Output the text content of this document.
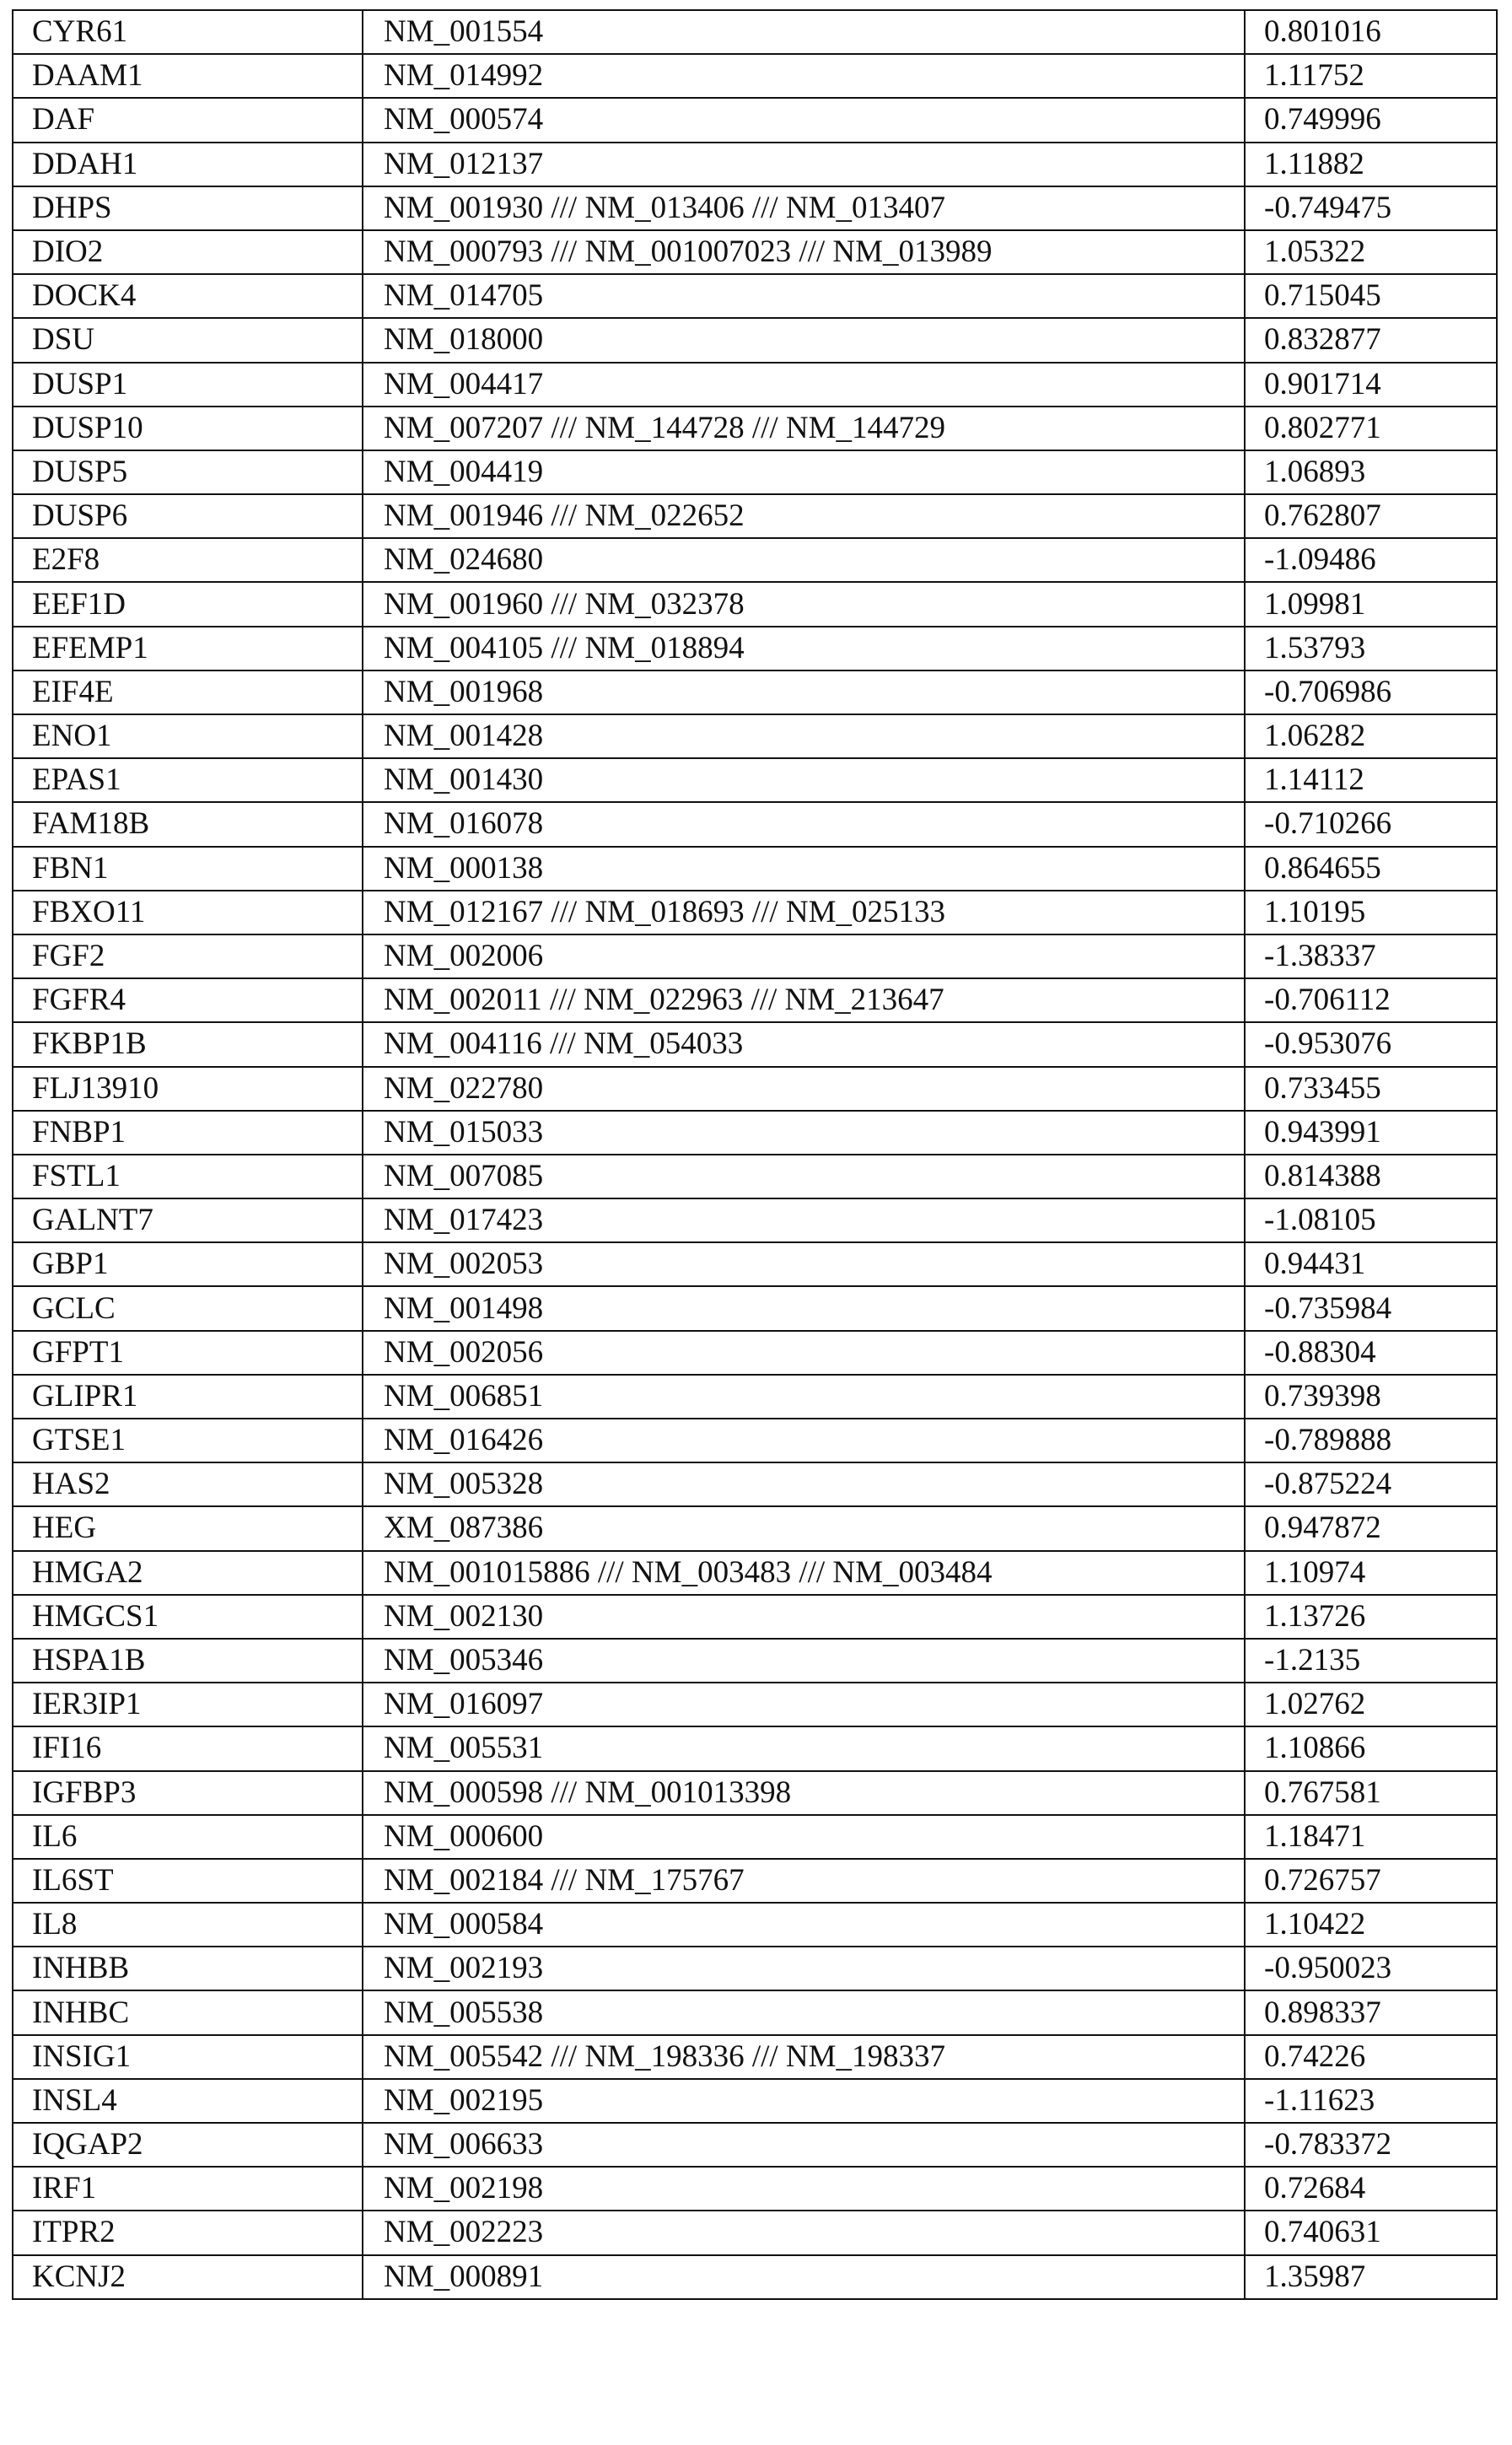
CYR61	NM_001554	0.801016
DAAM1	NM_014992	1.11752
DAF	NM_000574	0.749996
DDAH1	NM_012137	1.11882
DHPS	NM_001930 /// NM_013406 /// NM_013407	-0.749475
DIO2	NM_000793 /// NM_001007023 /// NM_013989	1.05322
DOCK4	NM_014705	0.715045
DSU	NM_018000	0.832877
DUSP1	NM_004417	0.901714
DUSP10	NM_007207 /// NM_144728 /// NM_144729	0.802771
DUSP5	NM_004419	1.06893
DUSP6	NM_001946 /// NM_022652	0.762807
E2F8	NM_024680	-1.09486
EEF1D	NM_001960 /// NM_032378	1.09981
EFEMP1	NM_004105 /// NM_018894	1.53793
EIF4E	NM_001968	-0.706986
ENO1	NM_001428	1.06282
EPAS1	NM_001430	1.14112
FAM18B	NM_016078	-0.710266
FBN1	NM_000138	0.864655
FBXO11	NM_012167 /// NM_018693 /// NM_025133	1.10195
FGF2	NM_002006	-1.38337
FGFR4	NM_002011 /// NM_022963 /// NM_213647	-0.706112
FKBP1B	NM_004116 /// NM_054033	-0.953076
FLJ13910	NM_022780	0.733455
FNBP1	NM_015033	0.943991
FSTL1	NM_007085	0.814388
GALNT7	NM_017423	-1.08105
GBP1	NM_002053	0.94431
GCLC	NM_001498	-0.735984
GFPT1	NM_002056	-0.88304
GLIPR1	NM_006851	0.739398
GTSE1	NM_016426	-0.789888
HAS2	NM_005328	-0.875224
HEG	XM_087386	0.947872
HMGA2	NM_001015886 /// NM_003483 /// NM_003484	1.10974
HMGCS1	NM_002130	1.13726
HSPA1B	NM_005346	-1.2135
IER3IP1	NM_016097	1.02762
IFI16	NM_005531	1.10866
IGFBP3	NM_000598 /// NM_001013398	0.767581
IL6	NM_000600	1.18471
IL6ST	NM_002184 /// NM_175767	0.726757
IL8	NM_000584	1.10422
INHBB	NM_002193	-0.950023
INHBC	NM_005538	0.898337
INSIG1	NM_005542 /// NM_198336 /// NM_198337	0.74226
INSL4	NM_002195	-1.11623
IQGAP2	NM_006633	-0.783372
IRF1	NM_002198	0.72684
ITPR2	NM_002223	0.740631
KCNJ2	NM_000891	1.35987
